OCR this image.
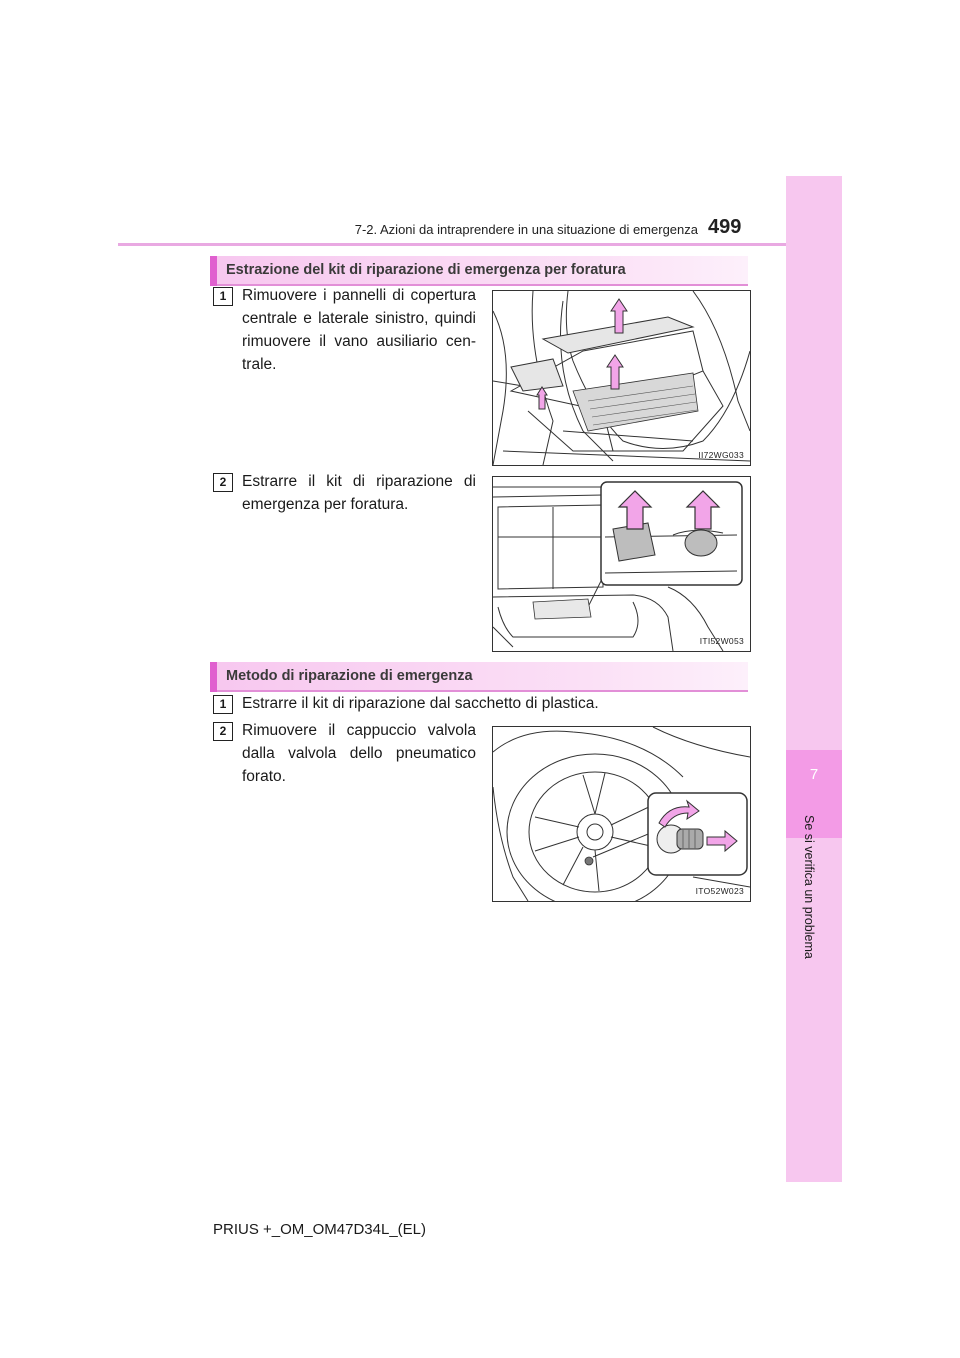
7-2. Azioni da intraprendere in una situazione di emergenza 499
7
Se si verifica un problema
Estrazione del kit di riparazione di emergenza per foratura
1	Rimuovere i pannelli di copertura centrale e laterale sinistro, quindi rimuovere il vano ausiliario cen-trale.
II72WG033
2	Estrarre il kit di riparazione di emergenza per foratura.
ITI52W053
Metodo di riparazione di emergenza
1	Estrarre il kit di riparazione dal sacchetto di plastica.
2	Rimuovere il cappuccio valvola dalla valvola dello pneumatico forato.
ITO52W023
PRIUS +_OM_OM47D34L_(EL)
